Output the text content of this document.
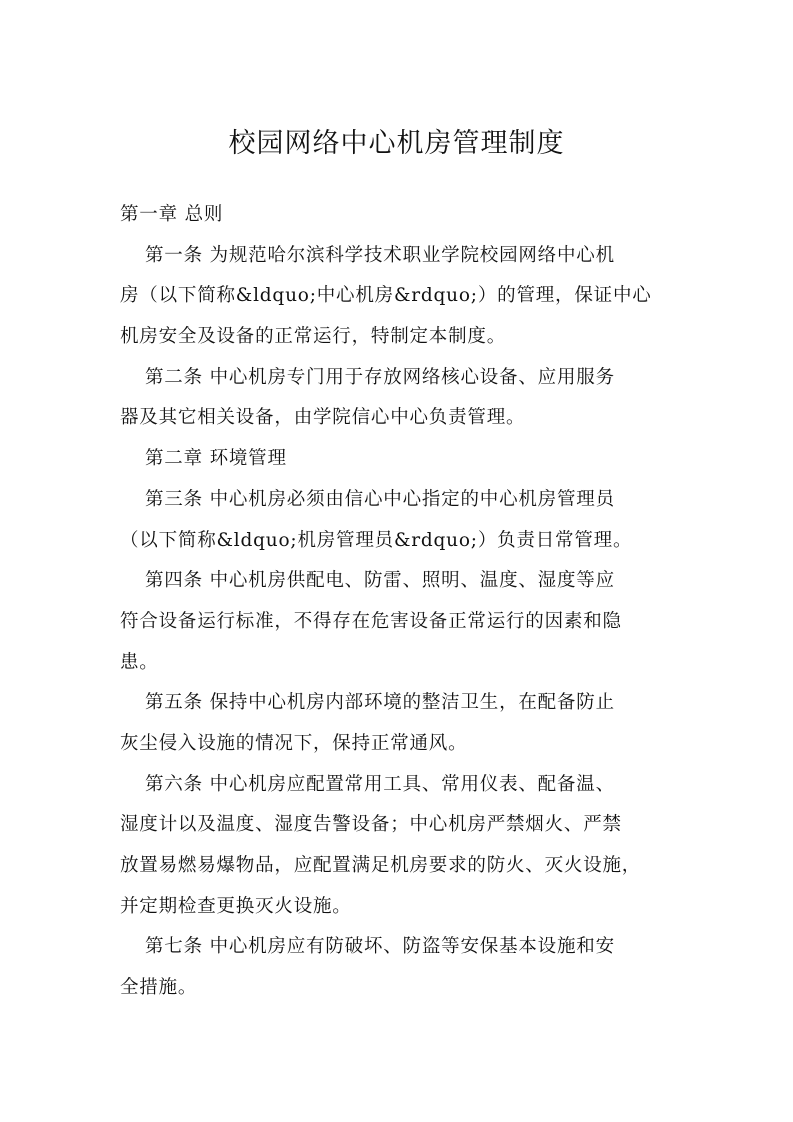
校园网络中心机房管理制度
第一章 总则
第一条 为规范哈尔滨科学技术职业学院校园网络中心机
房（以下简称&ldquo;中心机房&rdquo;）的管理，保证中心
机房安全及设备的正常运行，特制定本制度。
第二条 中心机房专门用于存放网络核心设备、应用服务
器及其它相关设备，由学院信心中心负责管理。
第二章 环境管理
第三条 中心机房必须由信心中心指定的中心机房管理员
（以下简称&ldquo;机房管理员&rdquo;）负责日常管理。
第四条 中心机房供配电、防雷、照明、温度、湿度等应
符合设备运行标准，不得存在危害设备正常运行的因素和隐
患。
第五条 保持中心机房内部环境的整洁卫生，在配备防止
灰尘侵入设施的情况下，保持正常通风。
第六条 中心机房应配置常用工具、常用仪表、配备温、
湿度计以及温度、湿度告警设备；中心机房严禁烟火、严禁
放置易燃易爆物品，应配置满足机房要求的防火、灭火设施，
并定期检查更换灭火设施。
第七条 中心机房应有防破坏、防盗等安保基本设施和安
全措施。
